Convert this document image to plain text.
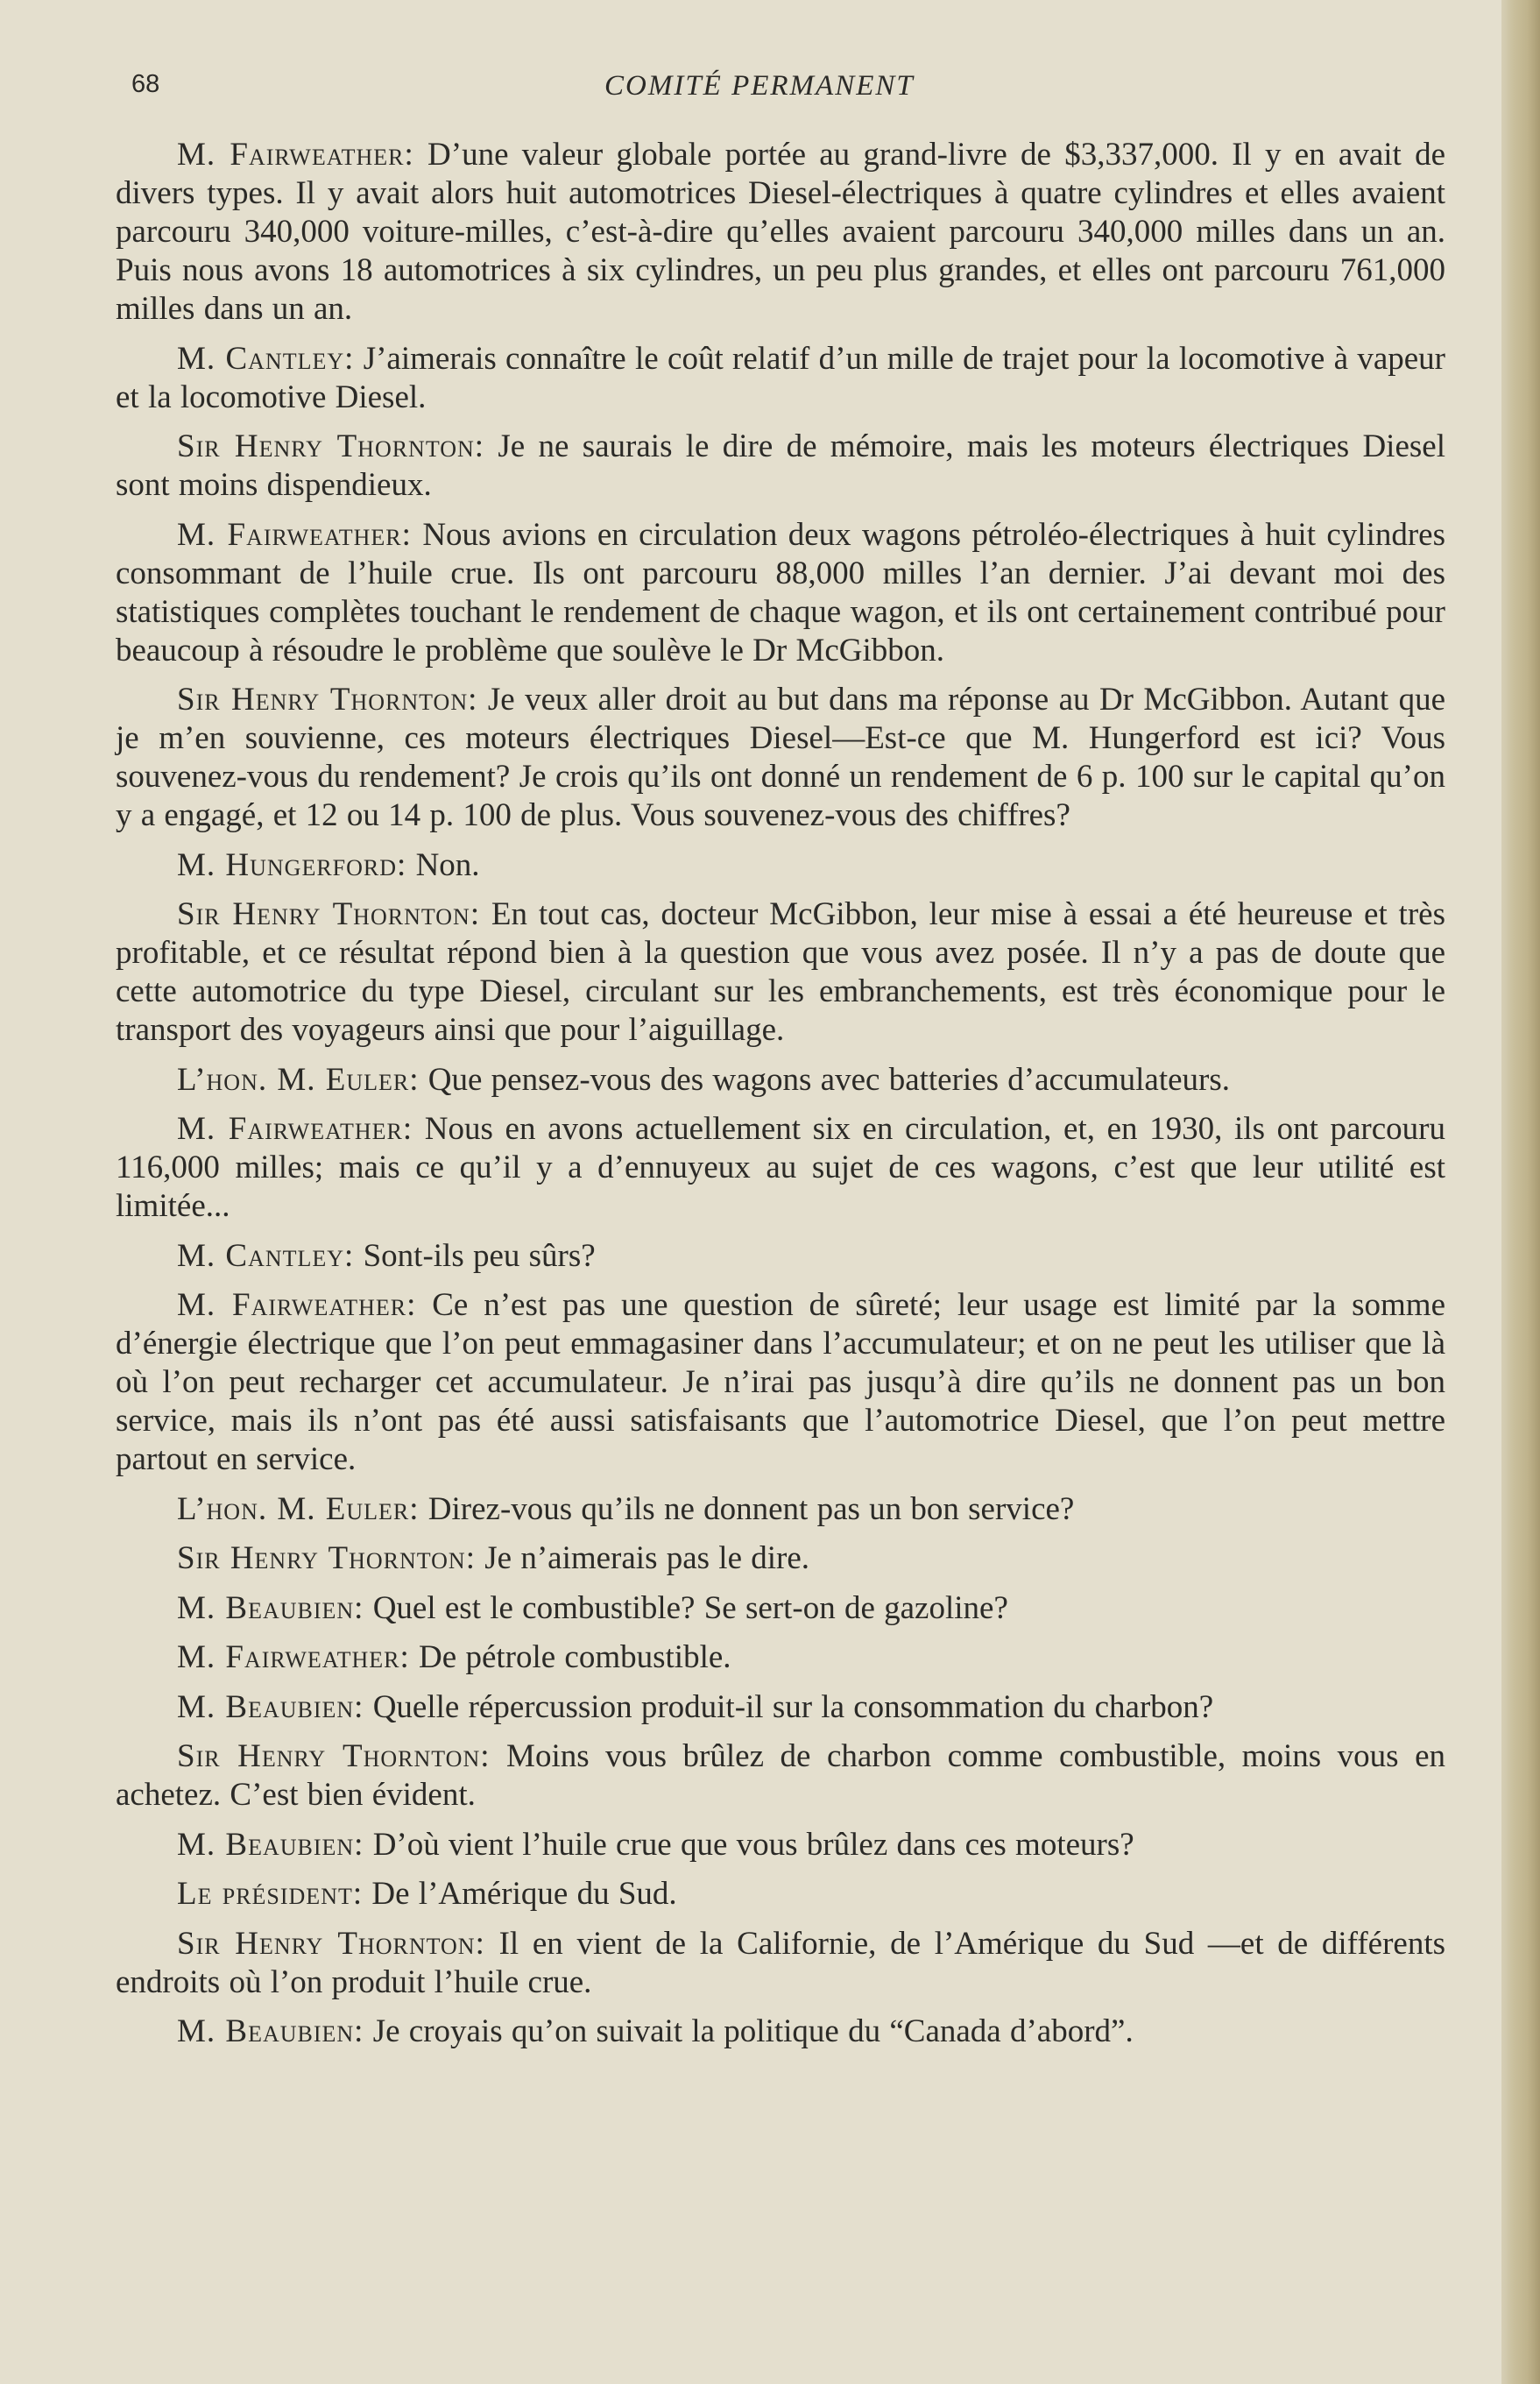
68	COMITÉ PERMANENT

M. Fairweather: D’une valeur globale portée au grand-livre de $3,337,000. Il y en avait de divers types. Il y avait alors huit automotrices Diesel-électriques à quatre cylindres et elles avaient parcouru 340,000 voiture-milles, c’est-à-dire qu’elles avaient parcouru 340,000 milles dans un an. Puis nous avons 18 automotrices à six cylindres, un peu plus grandes, et elles ont parcouru 761,000 milles dans un an.

M. Cantley: J’aimerais connaître le coût relatif d’un mille de trajet pour la locomotive à vapeur et la locomotive Diesel.

Sir Henry Thornton: Je ne saurais le dire de mémoire, mais les moteurs électriques Diesel sont moins dispendieux.

M. Fairweather: Nous avions en circulation deux wagons pétroléo-électriques à huit cylindres consommant de l’huile crue. Ils ont parcouru 88,000 milles l’an dernier. J’ai devant moi des statistiques complètes touchant le rendement de chaque wagon, et ils ont certainement contribué pour beaucoup à résoudre le problème que soulève le Dr McGibbon.

Sir Henry Thornton: Je veux aller droit au but dans ma réponse au Dr McGibbon. Autant que je m’en souvienne, ces moteurs électriques Diesel—Est-ce que M. Hungerford est ici? Vous souvenez-vous du rendement? Je crois qu’ils ont donné un rendement de 6 p. 100 sur le capital qu’on y a engagé, et 12 ou 14 p. 100 de plus. Vous souvenez-vous des chiffres?

M. Hungerford: Non.

Sir Henry Thornton: En tout cas, docteur McGibbon, leur mise à essai a été heureuse et très profitable, et ce résultat répond bien à la question que vous avez posée. Il n’y a pas de doute que cette automotrice du type Diesel, circulant sur les embranchements, est très économique pour le transport des voyageurs ainsi que pour l’aiguillage.

L’hon. M. Euler: Que pensez-vous des wagons avec batteries d’accumulateurs.

M. Fairweather: Nous en avons actuellement six en circulation, et, en 1930, ils ont parcouru 116,000 milles; mais ce qu’il y a d’ennuyeux au sujet de ces wagons, c’est que leur utilité est limitée...

M. Cantley: Sont-ils peu sûrs?

M. Fairweather: Ce n’est pas une question de sûreté; leur usage est limité par la somme d’énergie électrique que l’on peut emmagasiner dans l’accumulateur; et on ne peut les utiliser que là où l’on peut recharger cet accumulateur. Je n’irai pas jusqu’à dire qu’ils ne donnent pas un bon service, mais ils n’ont pas été aussi satisfaisants que l’automotrice Diesel, que l’on peut mettre partout en service.

L’hon. M. Euler: Direz-vous qu’ils ne donnent pas un bon service?

Sir Henry Thornton: Je n’aimerais pas le dire.

M. Beaubien: Quel est le combustible? Se sert-on de gazoline?

M. Fairweather: De pétrole combustible.

M. Beaubien: Quelle répercussion produit-il sur la consommation du charbon?

Sir Henry Thornton: Moins vous brûlez de charbon comme combustible, moins vous en achetez. C’est bien évident.

M. Beaubien: D’où vient l’huile crue que vous brûlez dans ces moteurs?

Le président: De l’Amérique du Sud.

Sir Henry Thornton: Il en vient de la Californie, de l’Amérique du Sud —et de différents endroits où l’on produit l’huile crue.

M. Beaubien: Je croyais qu’on suivait la politique du “Canada d’abord”.
